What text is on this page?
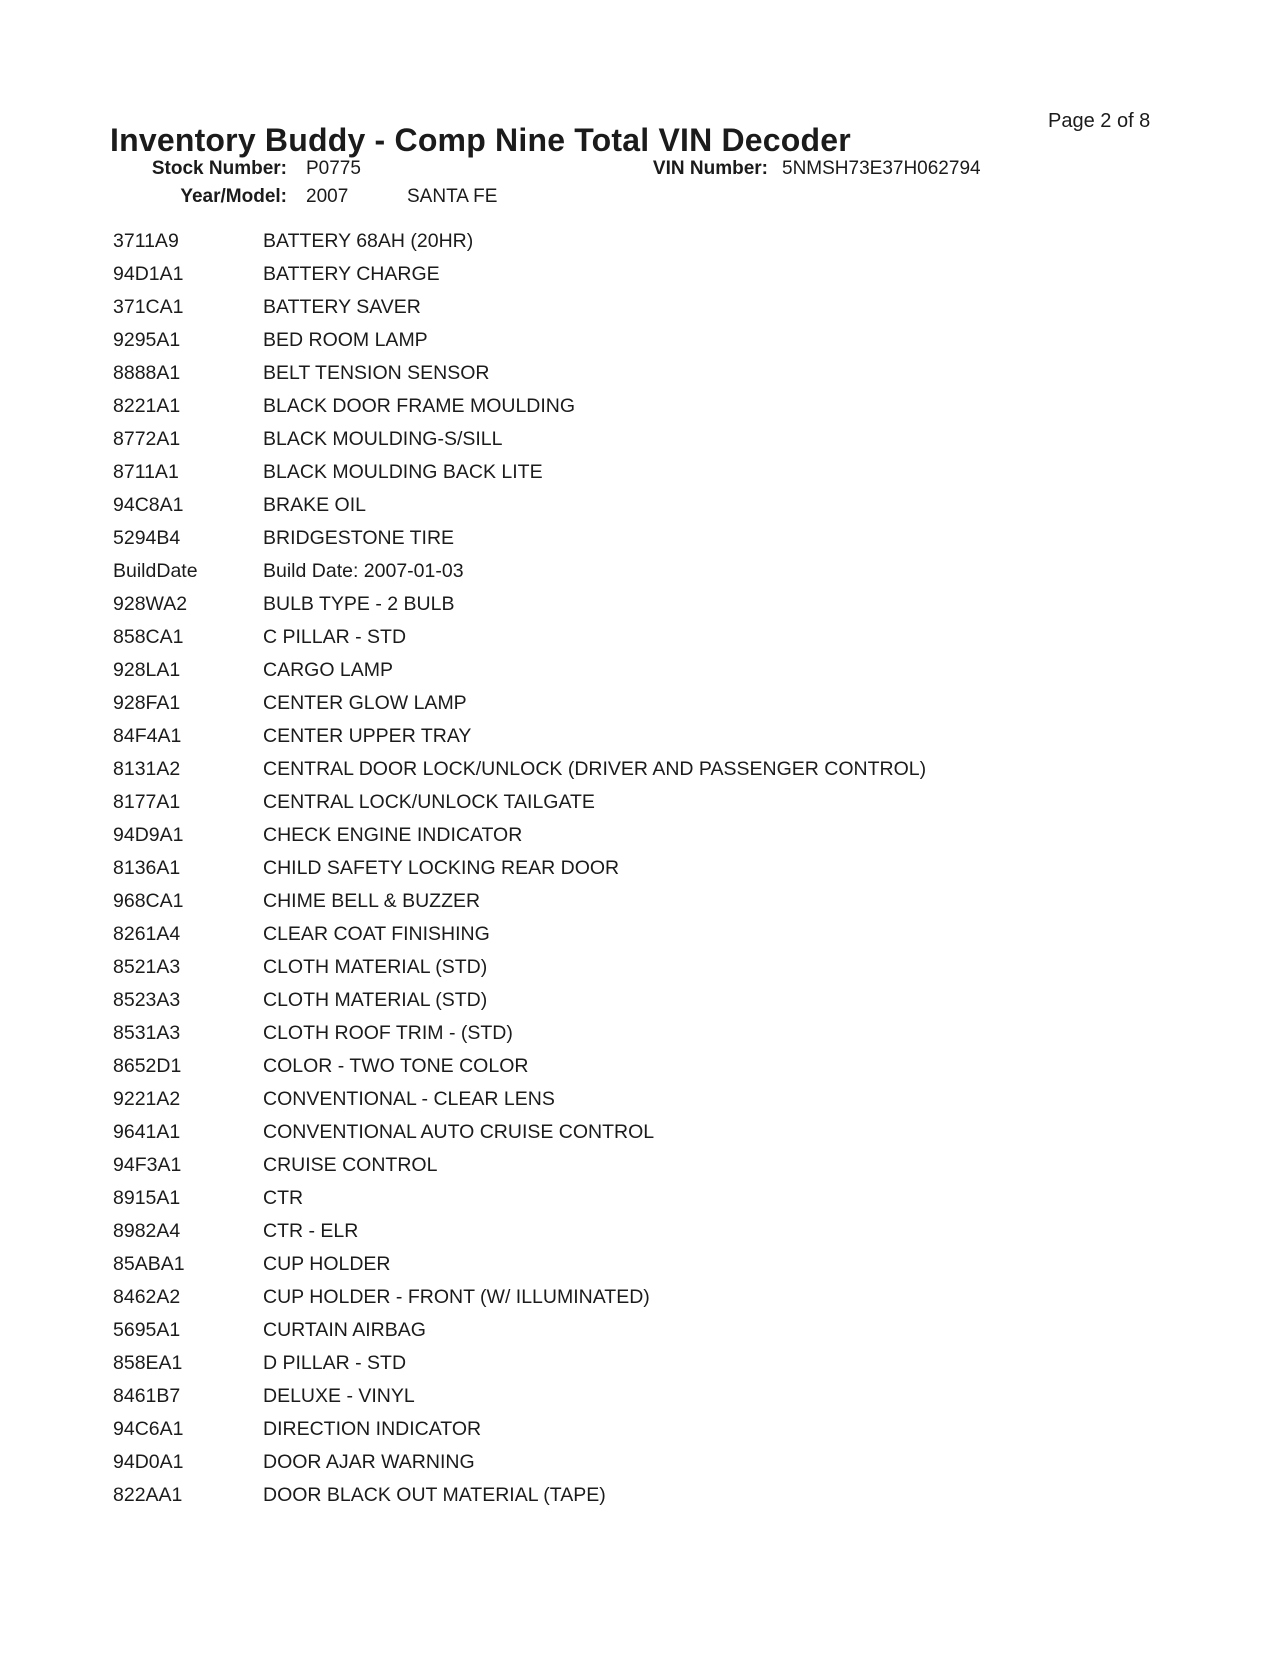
Inventory Buddy - Comp Nine Total VIN Decoder
Page 2 of 8
Stock Number: P0775	VIN Number: 5NMSH73E37H062794
Year/Model: 2007	SANTA FE
3711A9	BATTERY 68AH (20HR)
94D1A1	BATTERY CHARGE
371CA1	BATTERY SAVER
9295A1	BED ROOM LAMP
8888A1	BELT TENSION SENSOR
8221A1	BLACK DOOR FRAME MOULDING
8772A1	BLACK MOULDING-S/SILL
8711A1	BLACK MOULDING BACK LITE
94C8A1	BRAKE OIL
5294B4	BRIDGESTONE TIRE
BuildDate	Build Date: 2007-01-03
928WA2	BULB TYPE - 2 BULB
858CA1	C PILLAR - STD
928LA1	CARGO LAMP
928FA1	CENTER GLOW LAMP
84F4A1	CENTER UPPER TRAY
8131A2	CENTRAL DOOR LOCK/UNLOCK (DRIVER AND PASSENGER CONTROL)
8177A1	CENTRAL LOCK/UNLOCK TAILGATE
94D9A1	CHECK ENGINE INDICATOR
8136A1	CHILD SAFETY LOCKING REAR DOOR
968CA1	CHIME BELL & BUZZER
8261A4	CLEAR COAT FINISHING
8521A3	CLOTH MATERIAL (STD)
8523A3	CLOTH MATERIAL (STD)
8531A3	CLOTH ROOF TRIM - (STD)
8652D1	COLOR - TWO TONE COLOR
9221A2	CONVENTIONAL - CLEAR LENS
9641A1	CONVENTIONAL AUTO CRUISE CONTROL
94F3A1	CRUISE CONTROL
8915A1	CTR
8982A4	CTR - ELR
85ABA1	CUP HOLDER
8462A2	CUP HOLDER - FRONT (W/ ILLUMINATED)
5695A1	CURTAIN AIRBAG
858EA1	D PILLAR - STD
8461B7	DELUXE - VINYL
94C6A1	DIRECTION INDICATOR
94D0A1	DOOR AJAR WARNING
822AA1	DOOR BLACK OUT MATERIAL (TAPE)
